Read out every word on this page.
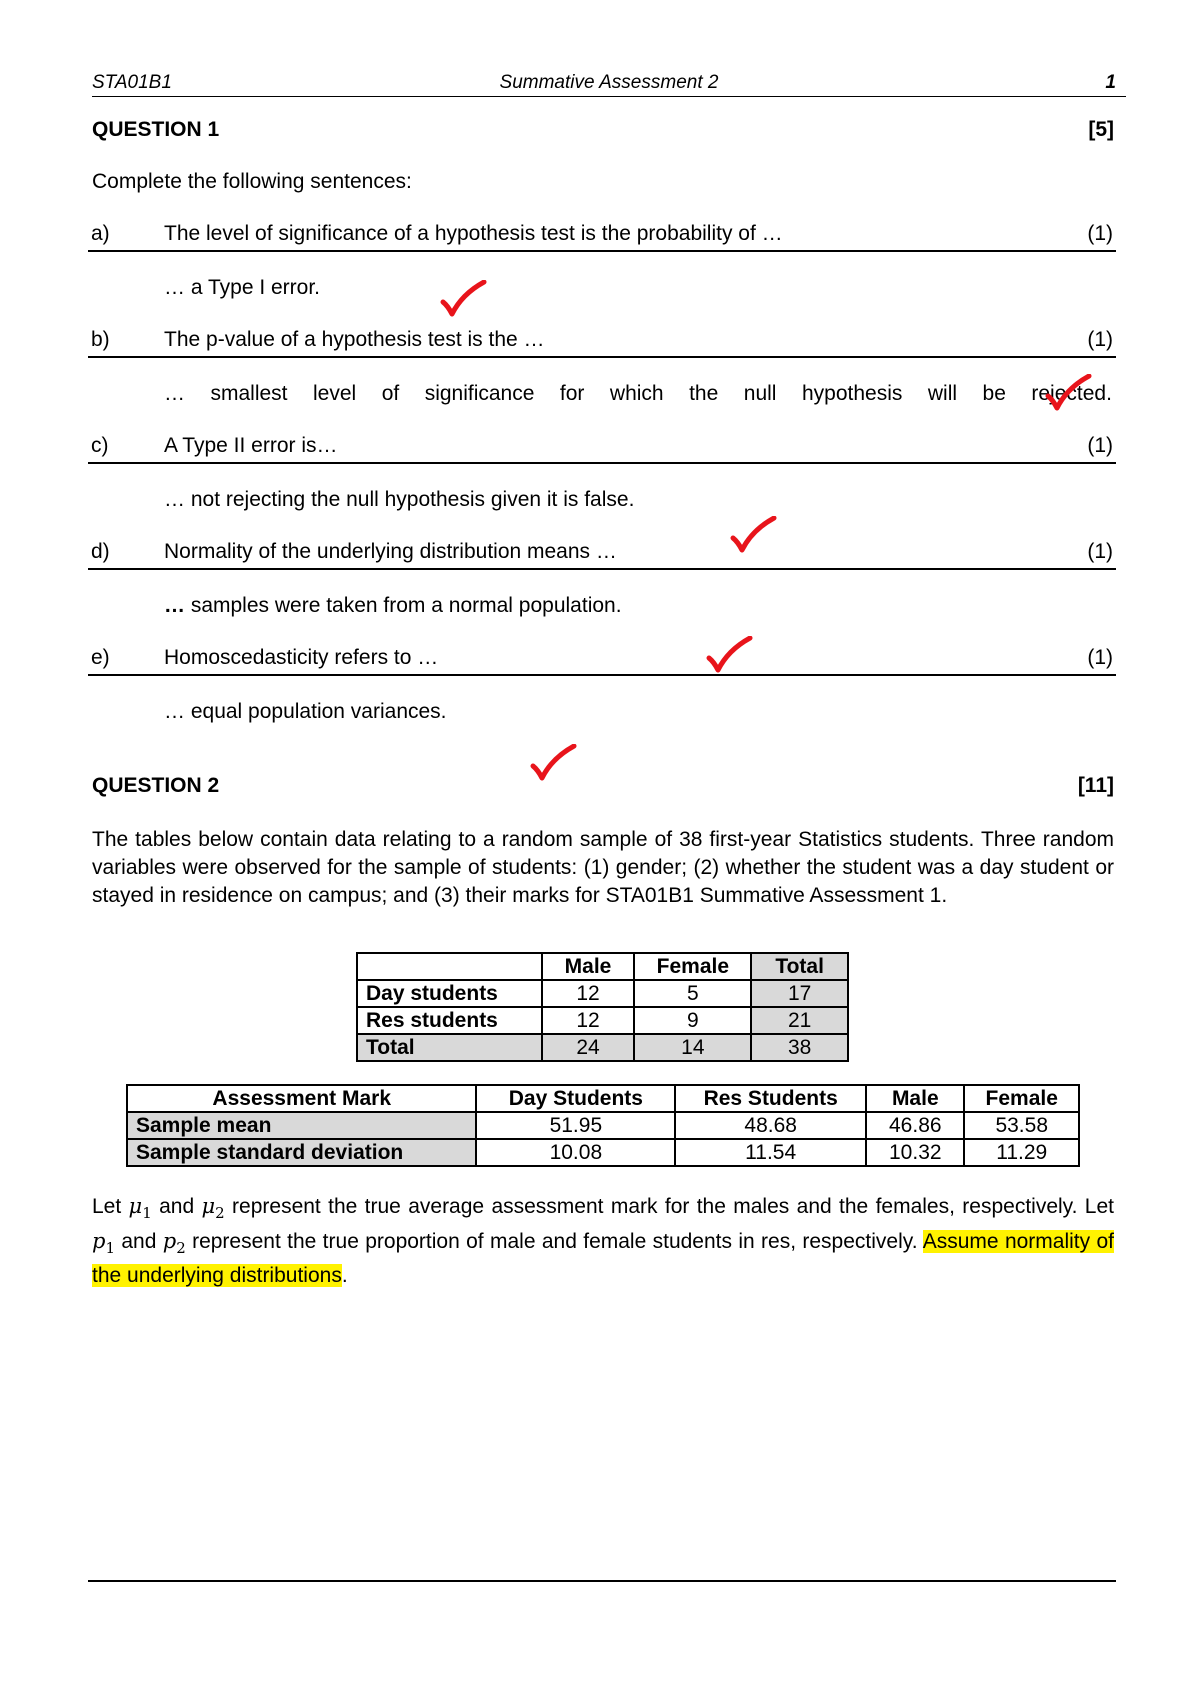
STA01B1	Summative Assessment 2	1
QUESTION 1	[5]
Complete the following sentences:
a)	The level of significance of a hypothesis test is the probability of …	(1)
… a Type I error.
b)	The p-value of a hypothesis test is the …	(1)
… smallest level of significance for which the null hypothesis will be rejected.
c)	A Type II error is…	(1)
… not rejecting the null hypothesis given it is false.
d)	Normality of the underlying distribution means …	(1)
… samples were taken from a normal population.
e)	Homoscedasticity refers to …	(1)
… equal population variances.
QUESTION 2	[11]
The tables below contain data relating to a random sample of 38 first-year Statistics students. Three random variables were observed for the sample of students: (1) gender; (2) whether the student was a day student or stayed in residence on campus; and (3) their marks for STA01B1 Summative Assessment 1.
	Male	Female	Total
Day students	12	5	17
Res students	12	9	21
Total	24	14	38
Assessment Mark	Day Students	Res Students	Male	Female
Sample mean	51.95	48.68	46.86	53.58
Sample standard deviation	10.08	11.54	10.32	11.29
Let $\mu_1$ and $\mu_2$ represent the true average assessment mark for the males and the females, respectively. Let $p_1$ and $p_2$ represent the true proportion of male and female students in res, respectively. Assume normality of the underlying distributions.
